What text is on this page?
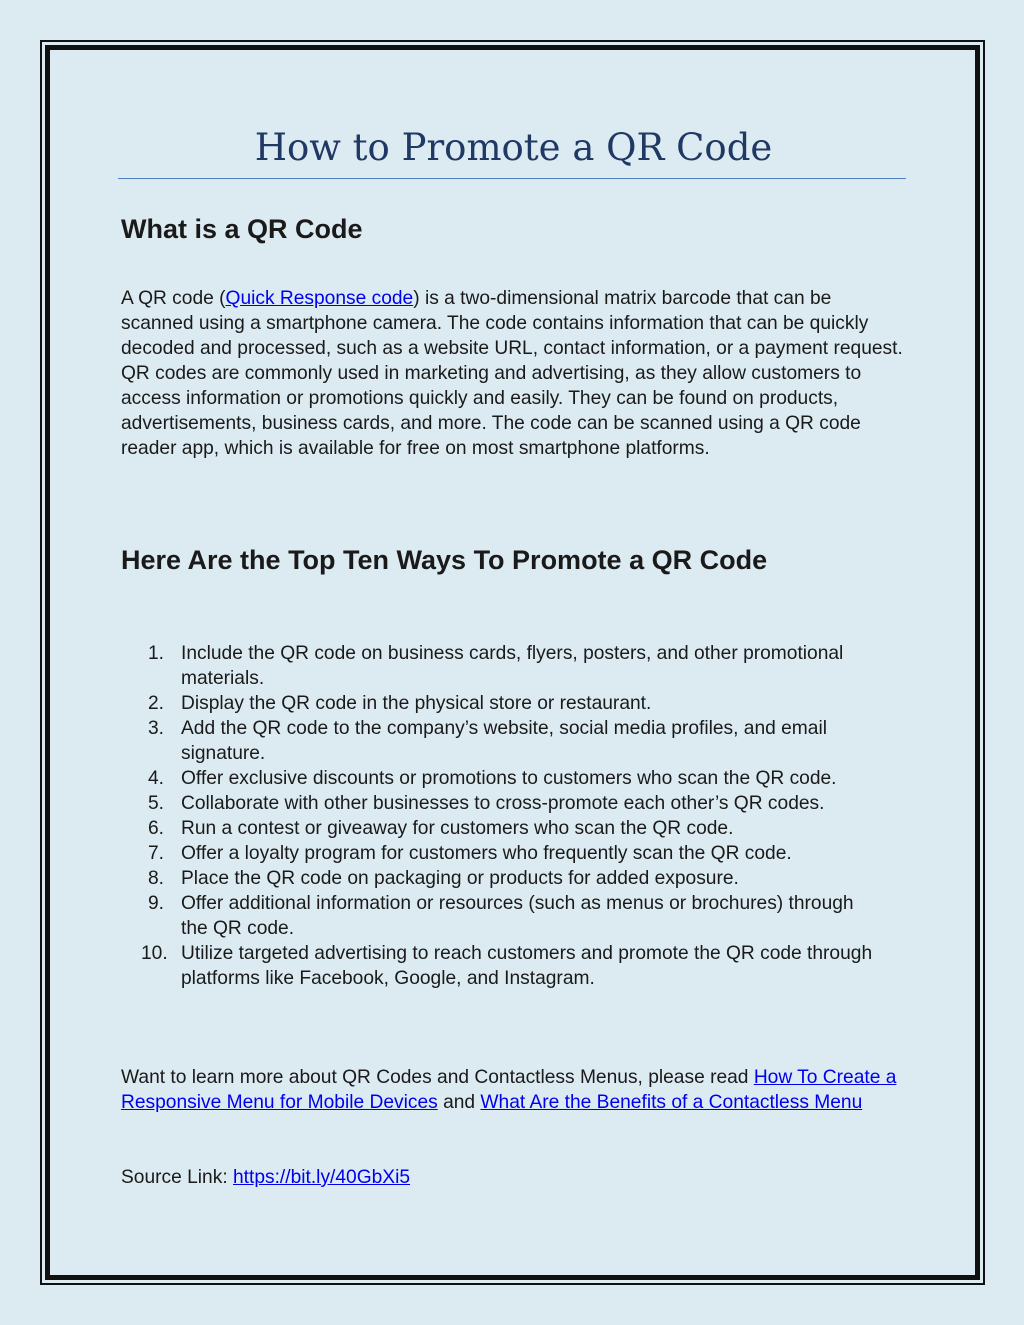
How to Promote a QR Code
What is a QR Code

A QR code (Quick Response code) is a two-dimensional matrix barcode that can be scanned using a smartphone camera. The code contains information that can be quickly decoded and processed, such as a website URL, contact information, or a payment request. QR codes are commonly used in marketing and advertising, as they allow customers to access information or promotions quickly and easily. They can be found on products, advertisements, business cards, and more. The code can be scanned using a QR code reader app, which is available for free on most smartphone platforms.

Here Are the Top Ten Ways To Promote a QR Code
1. Include the QR code on business cards, flyers, posters, and other promotional materials.
2. Display the QR code in the physical store or restaurant.
3. Add the QR code to the company’s website, social media profiles, and email signature.
4. Offer exclusive discounts or promotions to customers who scan the QR code.
5. Collaborate with other businesses to cross-promote each other’s QR codes.
6. Run a contest or giveaway for customers who scan the QR code.
7. Offer a loyalty program for customers who frequently scan the QR code.
8. Place the QR code on packaging or products for added exposure.
9. Offer additional information or resources (such as menus or brochures) through the QR code.
10. Utilize targeted advertising to reach customers and promote the QR code through platforms like Facebook, Google, and Instagram.

Want to learn more about QR Codes and Contactless Menus, please read How To Create a Responsive Menu for Mobile Devices and What Are the Benefits of a Contactless Menu

Source Link: https://bit.ly/40GbXi5
